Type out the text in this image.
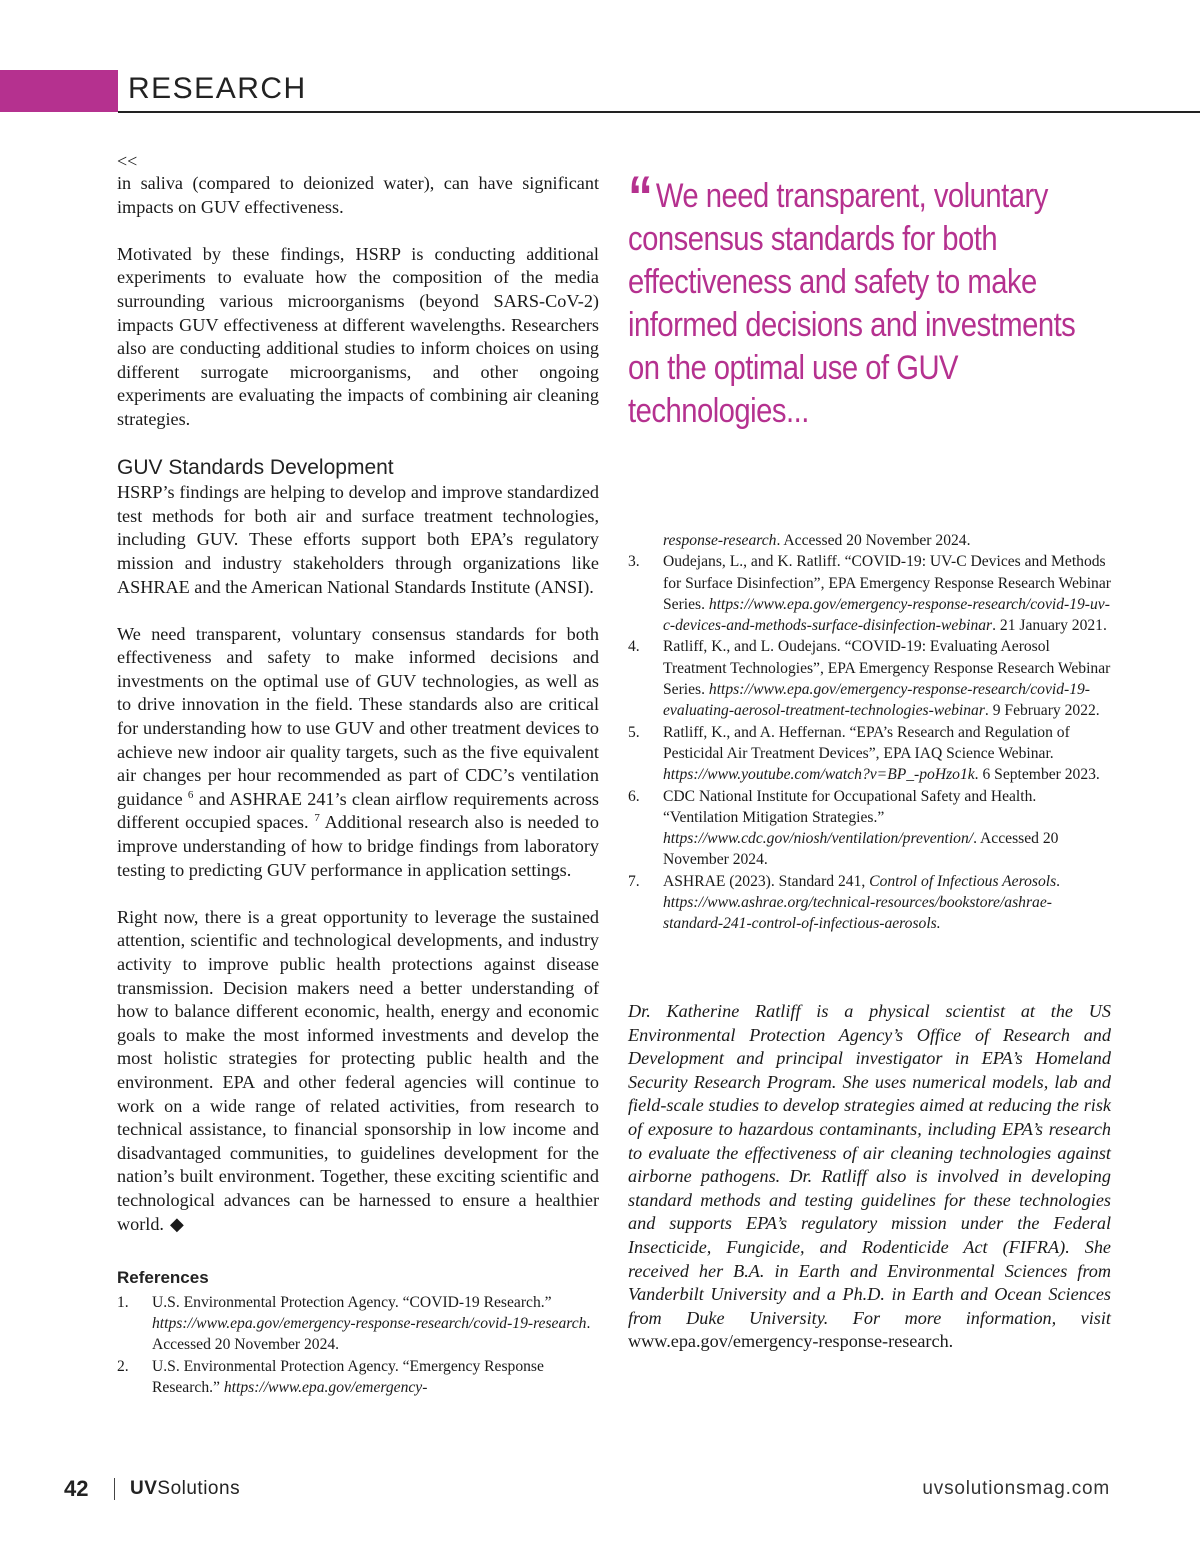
RESEARCH
<<

in saliva (compared to deionized water), can have significant impacts on GUV effectiveness.

Motivated by these findings, HSRP is conducting additional experiments to evaluate how the composition of the media surrounding various microorganisms (beyond SARS-CoV-2) impacts GUV effectiveness at different wavelengths. Researchers also are conducting additional studies to inform choices on using different surrogate microorganisms, and other ongoing experiments are evaluating the impacts of combining air cleaning strategies.

GUV Standards Development

HSRP’s findings are helping to develop and improve standardized test methods for both air and surface treatment technologies, including GUV. These efforts support both EPA’s regulatory mission and industry stakeholders through organizations like ASHRAE and the American National Standards Institute (ANSI).

We need transparent, voluntary consensus standards for both effectiveness and safety to make informed decisions and investments on the optimal use of GUV technologies, as well as to drive innovation in the field. These standards also are critical for understanding how to use GUV and other treatment devices to achieve new indoor air quality targets, such as the five equivalent air changes per hour recommended as part of CDC’s ventilation guidance $^6$ and ASHRAE 241’s clean airflow requirements across different occupied spaces. $^7$ Additional research also is needed to improve understanding of how to bridge findings from laboratory testing to predicting GUV performance in application settings.

Right now, there is a great opportunity to leverage the sustained attention, scientific and technological developments, and industry activity to improve public health protections against disease transmission. Decision makers need a better understanding of how to balance different economic, health, energy and economic goals to make the most informed investments and develop the most holistic strategies for protecting public health and the environment. EPA and other federal agencies will continue to work on a wide range of related activities, from research to technical assistance, to financial sponsorship in low income and disadvantaged communities, to guidelines development for the nation’s built environment. Together, these exciting scientific and technological advances can be harnessed to ensure a healthier world. ◆

References
1. U.S. Environmental Protection Agency. “COVID-19 Research.” https://www.epa.gov/emergency-response-research/covid-19-research. Accessed 20 November 2024.
2. U.S. Environmental Protection Agency. “Emergency Response Research.” https://www.epa.gov/emergency-
“ We need transparent, voluntary consensus standards for both effectiveness and safety to make informed decisions and investments on the optimal use of GUV technologies...
response-research. Accessed 20 November 2024.
3. Oudejans, L., and K. Ratliff. “COVID-19: UV-C Devices and Methods for Surface Disinfection”, EPA Emergency Response Research Webinar Series. https://www.epa.gov/emergency-response-research/covid-19-uv-c-devices-and-methods-surface-disinfection-webinar. 21 January 2021.
4. Ratliff, K., and L. Oudejans. “COVID-19: Evaluating Aerosol Treatment Technologies”, EPA Emergency Response Research Webinar Series. https://www.epa.gov/emergency-response-research/covid-19-evaluating-aerosol-treatment-technologies-webinar. 9 February 2022.
5. Ratliff, K., and A. Heffernan. “EPA’s Research and Regulation of Pesticidal Air Treatment Devices”, EPA IAQ Science Webinar. https://www.youtube.com/watch?v=BP_-poHzo1k. 6 September 2023.
6. CDC National Institute for Occupational Safety and Health. “Ventilation Mitigation Strategies.” https://www.cdc.gov/niosh/ventilation/prevention/. Accessed 20 November 2024.
7. ASHRAE (2023). Standard 241, Control of Infectious Aerosols. https://www.ashrae.org/technical-resources/bookstore/ashrae-standard-241-control-of-infectious-aerosols.

Dr. Katherine Ratliff is a physical scientist at the US Environmental Protection Agency’s Office of Research and Development and principal investigator in EPA’s Homeland Security Research Program. She uses numerical models, lab and field-scale studies to develop strategies aimed at reducing the risk of exposure to hazardous contaminants, including EPA’s research to evaluate the effectiveness of air cleaning technologies against airborne pathogens. Dr. Ratliff also is involved in developing standard methods and testing guidelines for these technologies and supports EPA’s regulatory mission under the Federal Insecticide, Fungicide, and Rodenticide Act (FIFRA). She received her B.A. in Earth and Environmental Sciences from Vanderbilt University and a Ph.D. in Earth and Ocean Sciences from Duke University. For more information, visit www.epa.gov/emergency-response-research.

42 UVSolutions	uvsolutionsmag.com
